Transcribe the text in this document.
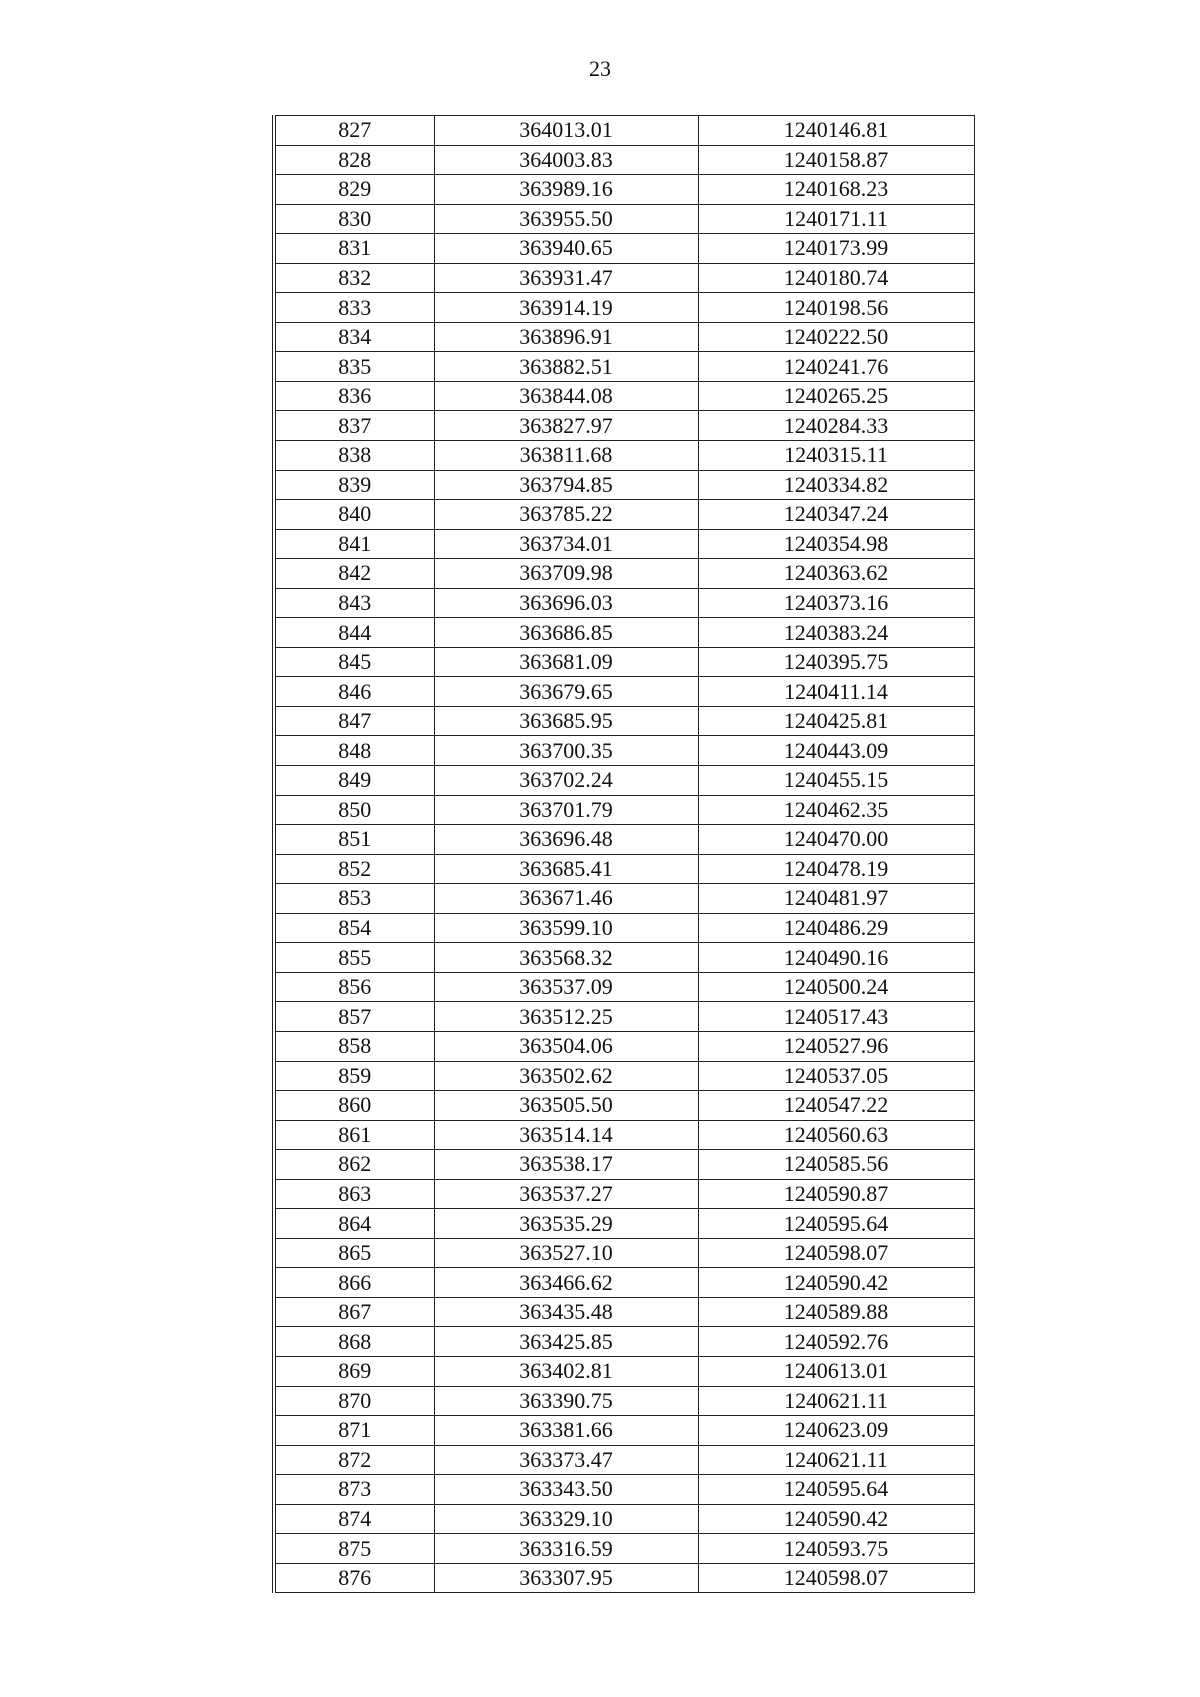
23
827	364013.01	1240146.81
828	364003.83	1240158.87
829	363989.16	1240168.23
830	363955.50	1240171.11
831	363940.65	1240173.99
832	363931.47	1240180.74
833	363914.19	1240198.56
834	363896.91	1240222.50
835	363882.51	1240241.76
836	363844.08	1240265.25
837	363827.97	1240284.33
838	363811.68	1240315.11
839	363794.85	1240334.82
840	363785.22	1240347.24
841	363734.01	1240354.98
842	363709.98	1240363.62
843	363696.03	1240373.16
844	363686.85	1240383.24
845	363681.09	1240395.75
846	363679.65	1240411.14
847	363685.95	1240425.81
848	363700.35	1240443.09
849	363702.24	1240455.15
850	363701.79	1240462.35
851	363696.48	1240470.00
852	363685.41	1240478.19
853	363671.46	1240481.97
854	363599.10	1240486.29
855	363568.32	1240490.16
856	363537.09	1240500.24
857	363512.25	1240517.43
858	363504.06	1240527.96
859	363502.62	1240537.05
860	363505.50	1240547.22
861	363514.14	1240560.63
862	363538.17	1240585.56
863	363537.27	1240590.87
864	363535.29	1240595.64
865	363527.10	1240598.07
866	363466.62	1240590.42
867	363435.48	1240589.88
868	363425.85	1240592.76
869	363402.81	1240613.01
870	363390.75	1240621.11
871	363381.66	1240623.09
872	363373.47	1240621.11
873	363343.50	1240595.64
874	363329.10	1240590.42
875	363316.59	1240593.75
876	363307.95	1240598.07
